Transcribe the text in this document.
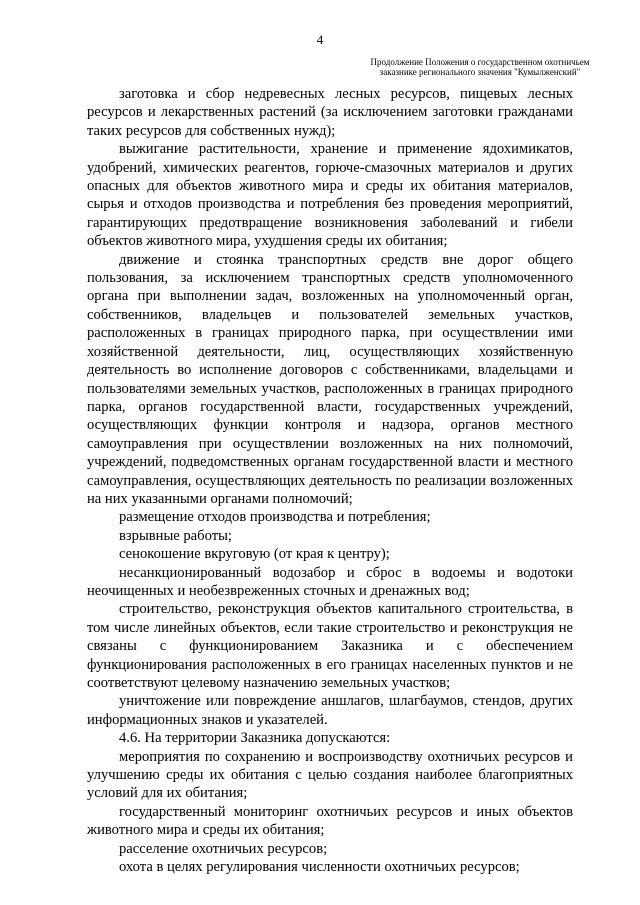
4
Продолжение Положения о государственном охотничьем
заказнике регионального значения "Кумылженский"

заготовка и сбор недревесных лесных ресурсов, пищевых лесных ресурсов и лекарственных растений (за исключением заготовки гражданами таких ресурсов для собственных нужд);

выжигание растительности, хранение и применение ядохимикатов, удобрений, химических реагентов, горюче-смазочных материалов и других опасных для объектов животного мира и среды их обитания материалов, сырья и отходов производства и потребления без проведения мероприятий, гарантирующих предотвращение возникновения заболеваний и гибели объектов животного мира, ухудшения среды их обитания;

движение и стоянка транспортных средств вне дорог общего пользования, за исключением транспортных средств уполномоченного органа при выполнении задач, возложенных на уполномоченный орган, собственников, владельцев и пользователей земельных участков, расположенных в границах природного парка, при осуществлении ими хозяйственной деятельности, лиц, осуществляющих хозяйственную деятельность во исполнение договоров с собственниками, владельцами и пользователями земельных участков, расположенных в границах природного парка, органов государственной власти, государственных учреждений, осуществляющих функции контроля и надзора, органов местного самоуправления при осуществлении возложенных на них полномочий, учреждений, подведомственных органам государственной власти и местного самоуправления, осуществляющих деятельность по реализации возложенных на них указанными органами полномочий;

размещение отходов производства и потребления;

взрывные работы;

сенокошение вкруговую (от края к центру);

несанкционированный водозабор и сброс в водоемы и водотоки неочищенных и необезвреженных сточных и дренажных вод;

строительство, реконструкция объектов капитального строительства, в том числе линейных объектов, если такие строительство и реконструкция не связаны с функционированием Заказника и с обеспечением функционирования расположенных в его границах населенных пунктов и не соответствуют целевому назначению земельных участков;

уничтожение или повреждение аншлагов, шлагбаумов, стендов, других информационных знаков и указателей.

4.6. На территории Заказника допускаются:

мероприятия по сохранению и воспроизводству охотничьих ресурсов и улучшению среды их обитания с целью создания наиболее благоприятных условий для их обитания;

государственный мониторинг охотничьих ресурсов и иных объектов животного мира и среды их обитания;

расселение охотничьих ресурсов;

охота в целях регулирования численности охотничьих ресурсов;
